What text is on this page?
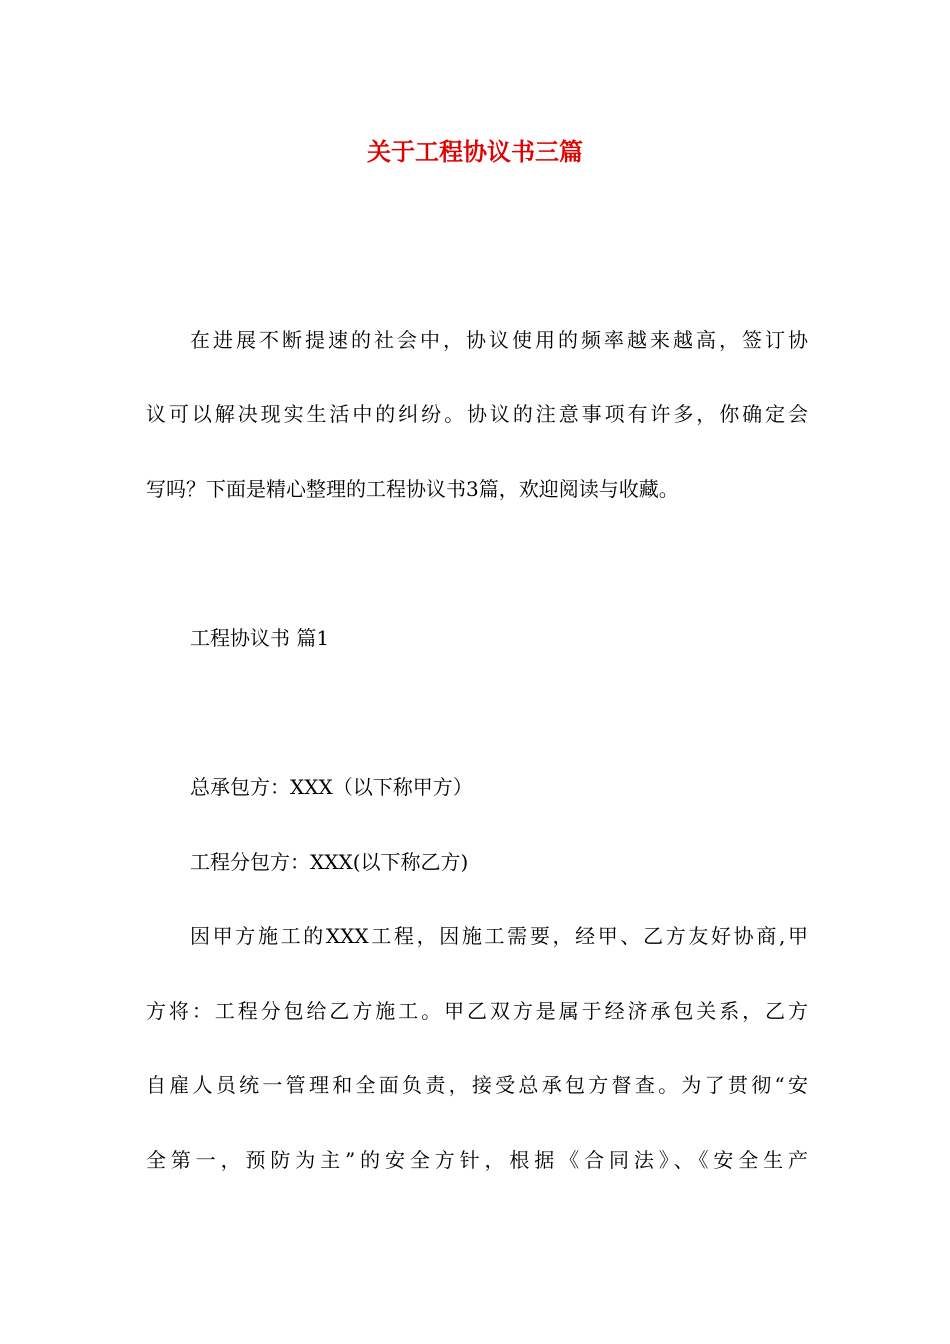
关于工程协议书三篇

在进展不断提速的社会中，协议使用的频率越来越高，签订协

议可以解决现实生活中的纠纷。协议的注意事项有许多，你确定会

写吗？下面是精心整理的工程协议书3篇，欢迎阅读与收藏。

工程协议书 篇1

总承包方：XXX（以下称甲方）

工程分包方：XXX(以下称乙方)

因甲方施工的XXX工程，因施工需要，经甲、乙方友好协商,甲

方将：工程分包给乙方施工。甲乙双方是属于经济承包关系，乙方

自雇人员统一管理和全面负责，接受总承包方督查。为了贯彻“安

全第一，预防为主”的安全方针，根据《合同法》、《安全生产
